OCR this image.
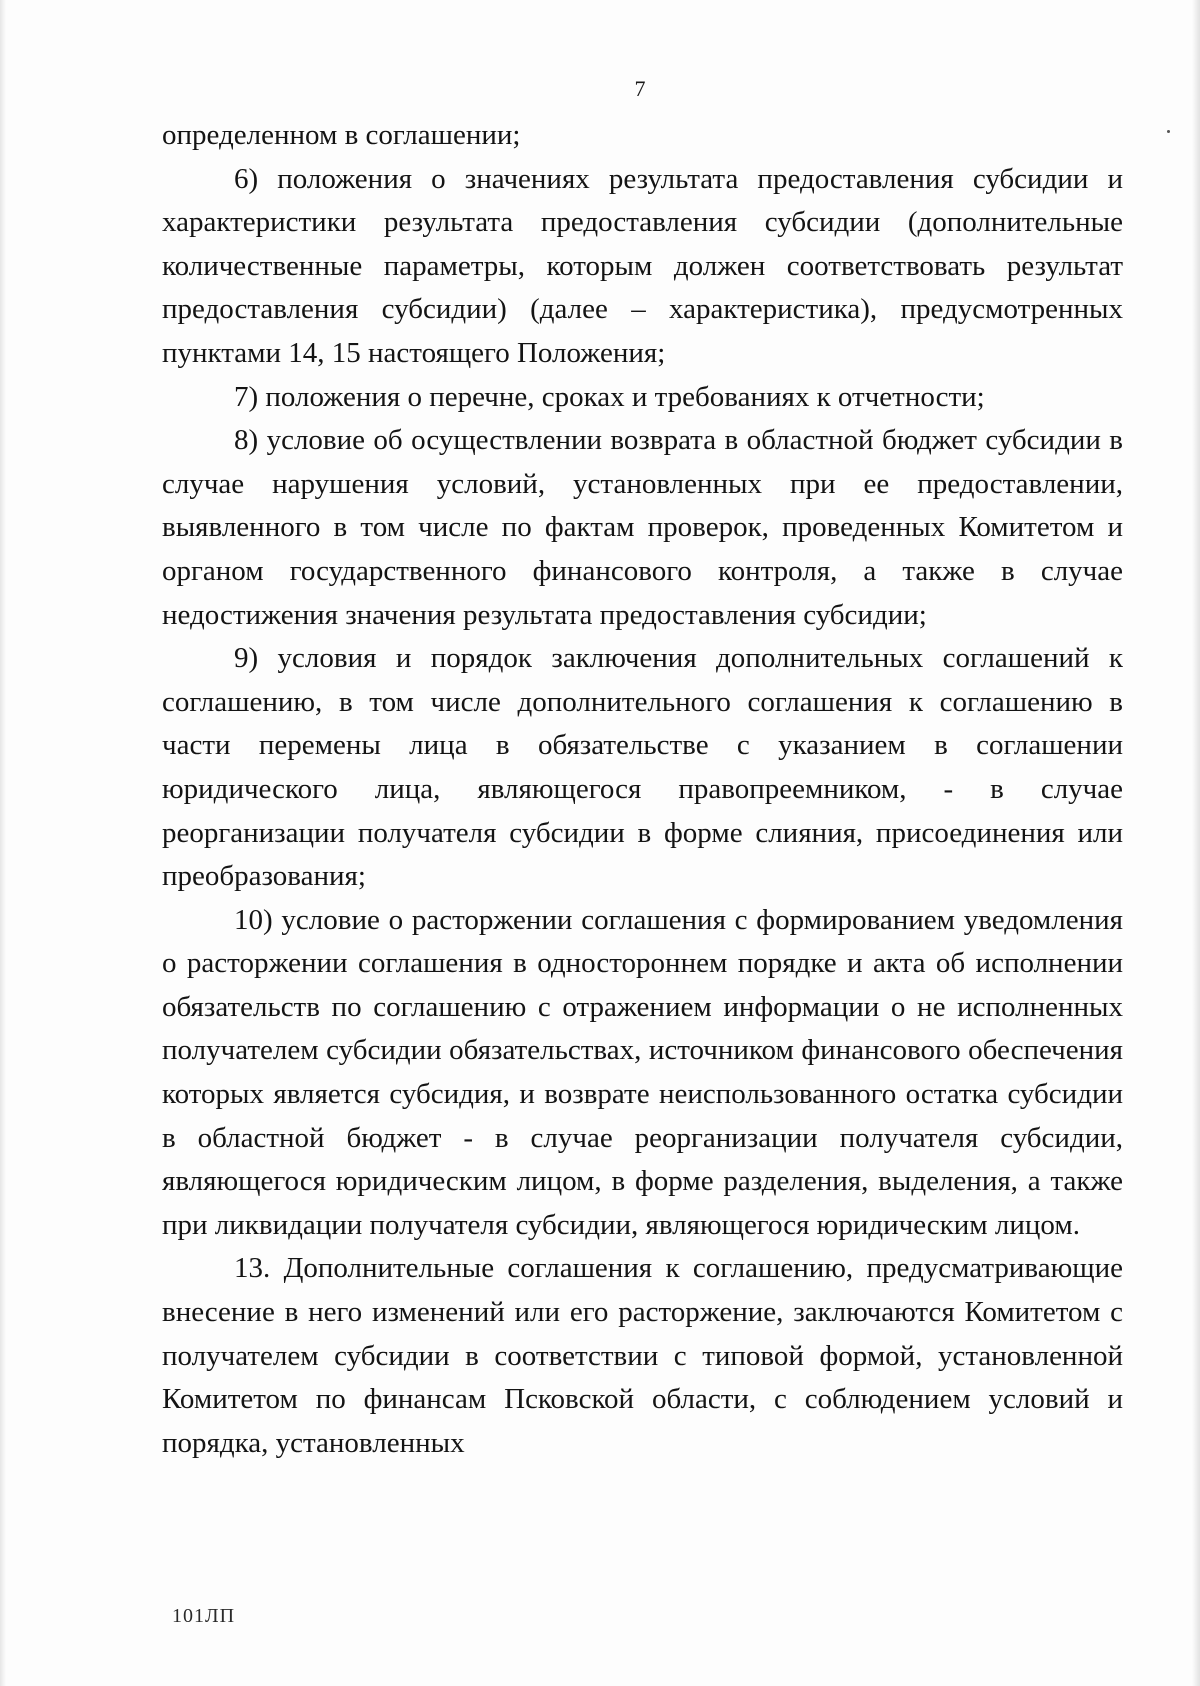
7

определенном в соглашении;

6) положения о значениях результата предоставления субсидии и характеристики результата предоставления субсидии (дополнительные количественные параметры, которым должен соответствовать результат предоставления субсидии) (далее – характеристика), предусмотренных пунктами 14, 15 настоящего Положения;

7) положения о перечне, сроках и требованиях к отчетности;

8) условие об осуществлении возврата в областной бюджет субсидии в случае нарушения условий, установленных при ее предоставлении, выявленного в том числе по фактам проверок, проведенных Комитетом и органом государственного финансового контроля, а также в случае недостижения значения результата предоставления субсидии;

9) условия и порядок заключения дополнительных соглашений к соглашению, в том числе дополнительного соглашения к соглашению в части перемены лица в обязательстве с указанием в соглашении юридического лица, являющегося правопреемником, - в случае реорганизации получателя субсидии в форме слияния, присоединения или преобразования;

10) условие о расторжении соглашения с формированием уведомления о расторжении соглашения в одностороннем порядке и акта об исполнении обязательств по соглашению с отражением информации о не исполненных получателем субсидии обязательствах, источником финансового обеспечения которых является субсидия, и возврате неиспользованного остатка субсидии в областной бюджет - в случае реорганизации получателя субсидии, являющегося юридическим лицом, в форме разделения, выделения, а также при ликвидации получателя субсидии, являющегося юридическим лицом.

13. Дополнительные соглашения к соглашению, предусматривающие внесение в него изменений или его расторжение, заключаются Комитетом с получателем субсидии в соответствии с типовой формой, установленной Комитетом по финансам Псковской области, с соблюдением условий и порядка, установленных

101ЛП
